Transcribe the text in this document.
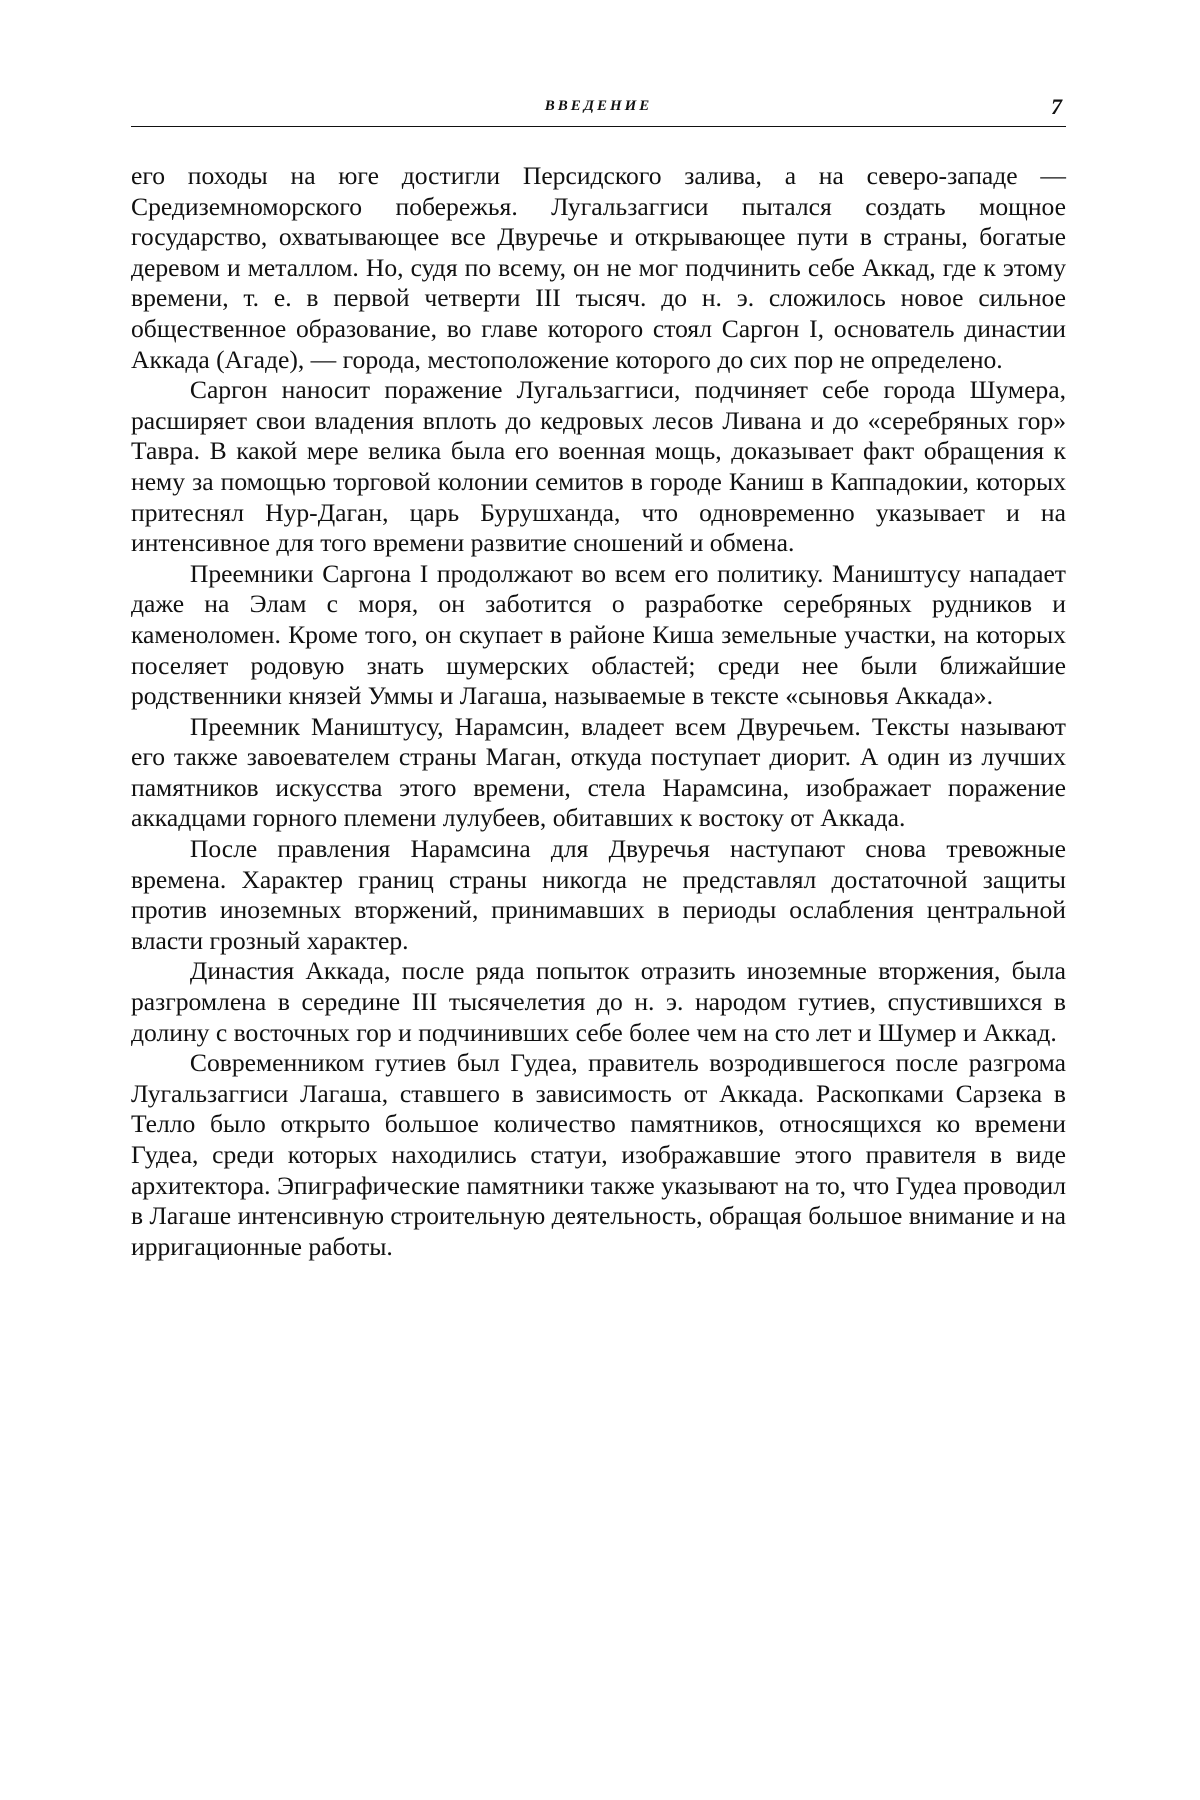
ВВЕДЕНИЕ	7

его походы на юге достигли Персидского залива, а на северо-западе — Средиземноморского побережья. Лугальзаггиси пытался создать мощное государство, охватывающее все Двуречье и открывающее пути в страны, богатые деревом и металлом. Но, судя по всему, он не мог подчинить себе Аккад, где к этому времени, т. е. в первой четверти III тысяч. до н. э. сложилось новое сильное общественное образование, во главе которого стоял Саргон I, основатель династии Аккада (Агаде), — города, местоположение которого до сих пор не определено.

Саргон наносит поражение Лугальзаггиси, подчиняет себе города Шумера, расширяет свои владения вплоть до кедровых лесов Ливана и до «серебряных гор» Тавра. В какой мере велика была его военная мощь, доказывает факт обращения к нему за помощью торговой колонии семитов в городе Каниш в Каппадокии, которых притеснял Нур-Даган, царь Бурушханда, что одновременно указывает и на интенсивное для того времени развитие сношений и обмена.

Преемники Саргона I продолжают во всем его политику. Маништусу нападает даже на Элам с моря, он заботится о разработке серебряных рудников и каменоломен. Кроме того, он скупает в районе Киша земельные участки, на которых поселяет родовую знать шумерских областей; среди нее были ближайшие родственники князей Уммы и Лагаша, называемые в тексте «сыновья Аккада».

Преемник Маништусу, Нарамсин, владеет всем Двуречьем. Тексты называют его также завоевателем страны Маган, откуда поступает диорит. А один из лучших памятников искусства этого времени, стела Нарамсина, изображает поражение аккадцами горного племени лулубеев, обитавших к востоку от Аккада.

После правления Нарамсина для Двуречья наступают снова тревожные времена. Характер границ страны никогда не представлял достаточной защиты против иноземных вторжений, принимавших в периоды ослабления центральной власти грозный характер.

Династия Аккада, после ряда попыток отразить иноземные вторжения, была разгромлена в середине III тысячелетия до н. э. народом гутиев, спустившихся в долину с восточных гор и подчинивших себе более чем на сто лет и Шумер и Аккад.

Современником гутиев был Гудеа, правитель возродившегося после разгрома Лугальзаггиси Лагаша, ставшего в зависимость от Аккада. Раскопками Сарзека в Телло было открыто большое количество памятников, относящихся ко времени Гудеа, среди которых находились статуи, изображавшие этого правителя в виде архитектора. Эпиграфические памятники также указывают на то, что Гудеа проводил в Лагаше интенсивную строительную деятельность, обращая большое внимание и на ирригационные работы.
